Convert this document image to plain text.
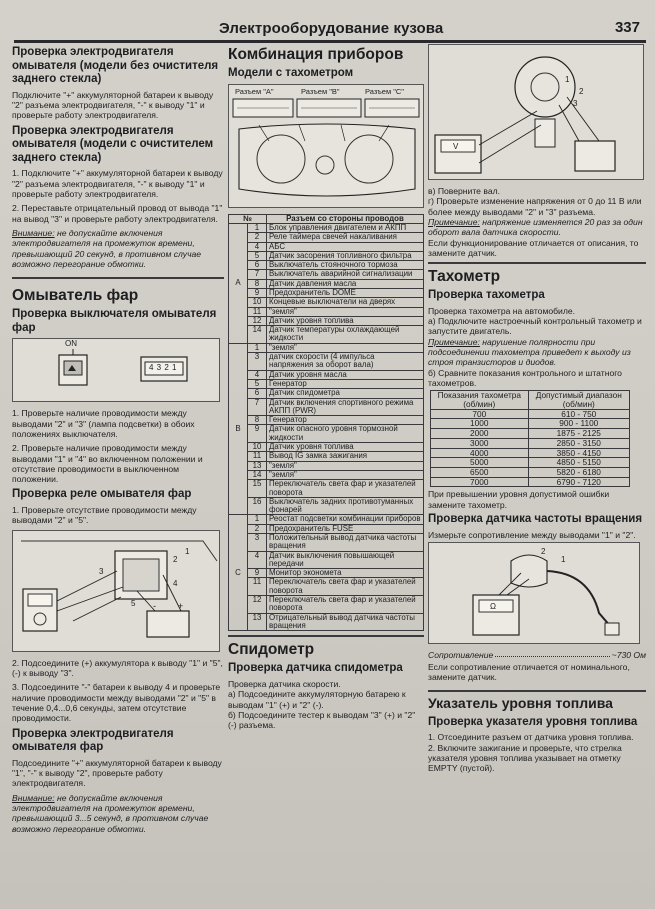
Электрооборудование кузова	337
Проверка электродвигателя омывателя (модели без очистителя заднего стекла)

Подключите "+" аккумуляторной батареи к выводу "2" разъема электродвигателя, "-" к выводу "1" и проверьте работу электродвигателя.

Проверка электродвигателя омывателя (модели с очистителем заднего стекла)

1. Подключите "+" аккумуляторной батареи к выводу "2" разъема электродвигателя, "-" к выводу "1" и проверьте работу электродвигателя.

2. Переставьте отрицательный провод от вывода "1" на вывод "3" и проверьте работу электродвигателя.

Внимание: не допускайте включения электродвигателя на промежуток времени, превышающий 20 секунд, в противном случае возможно перегорание обмотки.

Омыватель фар
Проверка выключателя омывателя фар
ON
4 3 2 1

1. Проверьте наличие проводимости между выводами "2" и "3" (лампа подсветки) в обоих положениях выключателя.

2. Проверьте наличие проводимости между выводами "1" и "4" во включенном положении и отсутствие проводимости в выключенном положении.

Проверка реле омывателя фар

1. Проверьте отсутствие проводимости между выводами "2" и "5".

- +
1
2
3
4
5

2. Подсоедините (+) аккумулятора к выводу "1" и "5", (-) к выводу "3".

3. Подсоедините "-" батареи к выводу 4 и проверьте наличие проводимости между выводами "2" и "5" в течение 0,4...0,6 секунды, затем отсутствие проводимости.

Проверка электродвигателя омывателя фар

Подсоедините "+" аккумуляторной батареи к выводу "1", "-" к выводу "2", проверьте работу электродвигателя.

Внимание: не допускайте включения электродвигателя на промежуток времени, превышающий 3...5 секунд, в противном случае возможно перегорание обмотки.

Комбинация приборов
Модели с тахометром
Разъем "A"	Разъем "B"	Разъем "C"
№		Разъем со стороны проводов
A	1	Блок управления двигателем и АКПП
	2	Реле таймера свечей накаливания
	4	АБС
	5	Датчик засорения топливного фильтра
	6	Выключатель стояночного тормоза
	7	Выключатель аварийной сигнализации
	8	Датчик давления масла
	9	Предохранитель DOME
	10	Концевые выключатели на дверях
	11	"земля"
	12	Датчик уровня топлива
	14	Датчик температуры охлаждающей жидкости
B	1	"земля"
	3	датчик скорости (4 импульса напряжения за оборот вала)
	4	Датчик уровня масла
	5	Генератор
	6	Датчик спидометра
	7	Датчик включения спортивного режима АКПП (PWR)
	8	Генератор
	9	Датчик опасного уровня тормозной жидкости
	10	Датчик уровня топлива
	11	Вывод IG замка зажигания
	13	"земля"
	14	"земля"
	15	Переключатель света фар и указателей поворота
	16	Выключатель задних противотуманных фонарей
C	1	Реостат подсветки комбинации приборов
	2	Предохранитель FUSE
	3	Положительный вывод датчика частоты вращения
	4	Датчик выключения повышающей передачи
	9	Монитор экономета
	11	Переключатель света фар и указателей поворота
	12	Переключатель света фар и указателей поворота
	13	Отрицательный вывод датчика частоты вращения
Спидометр
Проверка датчика спидометра

Проверка датчика скорости.

а) Подсоедините аккумуляторную батарею к выводам "1" (+) и "2" (-).

б) Подсоедините тестер к выводам "3" (+) и "2" (-) разъема.

V
1
2
3

в) Поверните вал.

г) Проверьте изменение напряжения от 0 до 11 В или более между выводами "2" и "3" разъема.

Примечание: напряжение изменяется 20 раз за один оборот вала датчика скорости.

Если функционирование отличается от описания, то замените датчик.

Тахометр
Проверка тахометра

Проверка тахометра на автомобиле.

а) Подключите настроечный контрольный тахометр и запустите двигатель.

Примечание: нарушение полярности при подсоединении тахометра приведет к выходу из строя транзисторов и диодов.

б) Сравните показания контрольного и штатного тахометров.

Показания тахометра (об/мин)	Допустимый диапазон (об/мин)
700	610 - 750
1000	900 - 1100
2000	1875 - 2125
3000	2850 - 3150
4000	3850 - 4150
5000	4850 - 5150
6500	5820 - 6180
7000	6790 - 7120

При превышении уровня допустимой ошибки замените тахометр.

Проверка датчика частоты вращения

Измерьте сопротивление между выводами "1" и "2".

Ω
2
1
Сопротивление	~730 Ом

Если сопротивление отличается от номинального, замените датчик.

Указатель уровня топлива
Проверка указателя уровня топлива

1. Отсоедините разъем от датчика уровня топлива.

2. Включите зажигание и проверьте, что стрелка указателя уровня топлива указывает на отметку EMPTY (пустой).
